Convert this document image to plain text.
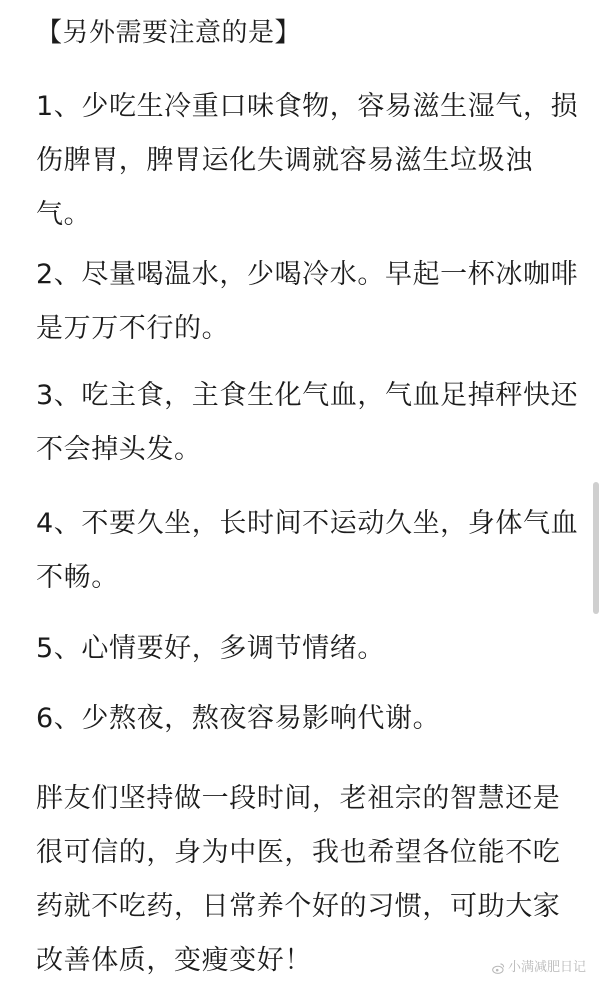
【另外需要注意的是】

1、少吃生冷重口味食物，容易滋生湿气，损伤脾胃，脾胃运化失调就容易滋生垃圾浊气。

2、尽量喝温水，少喝冷水。早起一杯冰咖啡是万万不行的。

3、吃主食，主食生化气血，气血足掉秤快还不会掉头发。

4、不要久坐，长时间不运动久坐，身体气血不畅。

5、心情要好，多调节情绪。

6、少熬夜，熬夜容易影响代谢。

胖友们坚持做一段时间，老祖宗的智慧还是很可信的，身为中医，我也希望各位能不吃药就不吃药，日常养个好的习惯，可助大家改善体质，变瘦变好！	小满减肥日记
